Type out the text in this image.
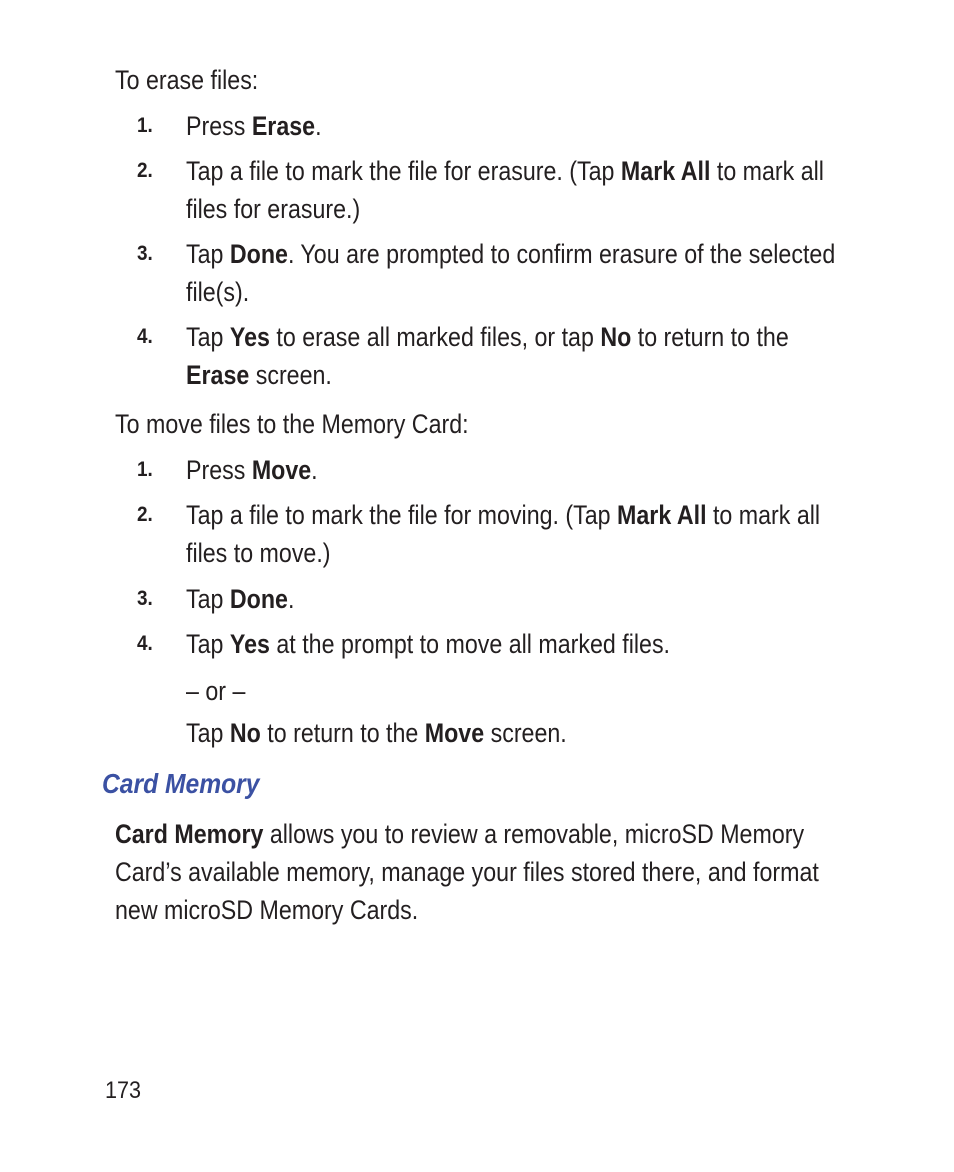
To erase files:
1. Press Erase.
2. Tap a file to mark the file for erasure. (Tap Mark All to mark all
files for erasure.)
3. Tap Done. You are prompted to confirm erasure of the selected
file(s).
4. Tap Yes to erase all marked files, or tap No to return to the
Erase screen.
To move files to the Memory Card:
1. Press Move.
2. Tap a file to mark the file for moving. (Tap Mark All to mark all
files to move.)
3. Tap Done.
4. Tap Yes at the prompt to move all marked files.
– or –
Tap No to return to the Move screen.
Card Memory
Card Memory allows you to review a removable, microSD Memory
Card’s available memory, manage your files stored there, and format
new microSD Memory Cards.
173
